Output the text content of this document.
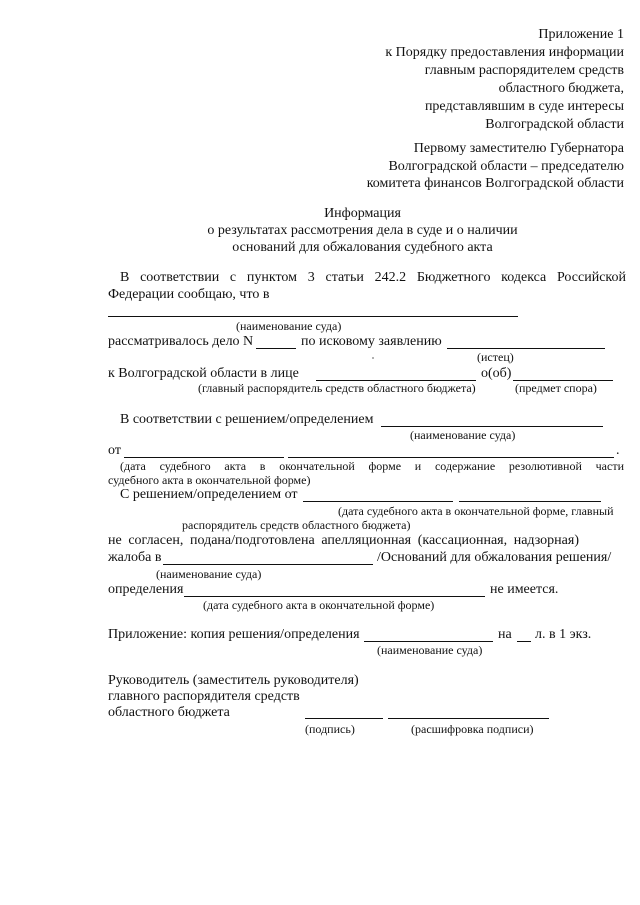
Приложение 1
к Порядку предоставления информации
главным распорядителем средств
областного бюджета,
представлявшим в суде интересы
Волгоградской области
Первому заместителю Губернатора
Волгоградской области – председателю
комитета финансов Волгоградской области
Информация
о результатах рассмотрения дела в суде и о наличии
оснований для обжалования судебного акта
В соответствии с пунктом 3 статьи 242.2 Бюджетного кодекса Российской
Федерации сообщаю, что в
(наименование суда)
рассматривалось дело N	по исковому заявлению
(истец)
к Волгоградской области в лице	о(об)
(главный распорядитель средств областного бюджета)	(предмет спора)
В соответствии с решением/определением
(наименование суда)
от	.
(дата судебного акта в окончательной форме и содержание резолютивной части
судебного акта в окончательной форме)
С решением/определением от
(дата судебного акта в окончательной форме, главный
распорядитель средств областного бюджета)
не согласен, подана/подготовлена апелляционная (кассационная, надзорная)
жалоба в	/Оснований для обжалования решения/
(наименование суда)
определения	не имеется.
(дата судебного акта в окончательной форме)
Приложение: копия решения/определения	на л. в 1 экз.
(наименование суда)
Руководитель (заместитель руководителя)
главного распорядителя средств
областного бюджета
(подпись)	(расшифровка подписи)
